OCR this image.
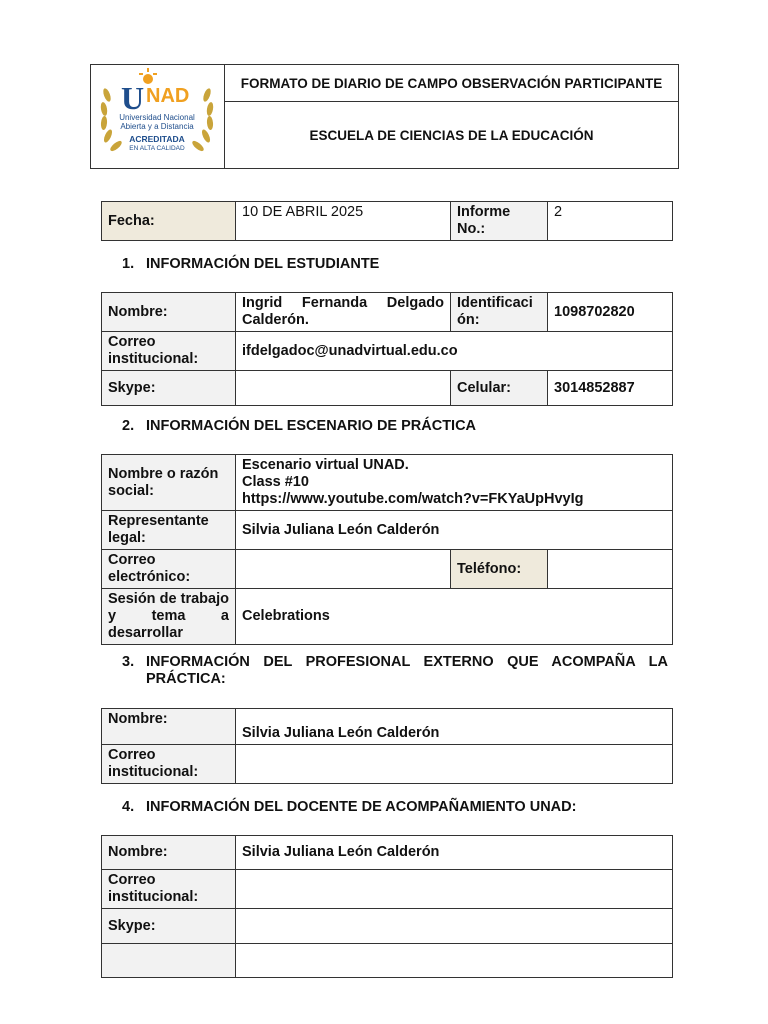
U NAD
Universidad Nacional
Abierta y a Distancia
ACREDITADA
EN ALTA CALIDAD
	FORMATO DE DIARIO DE CAMPO OBSERVACIÓN PARTICIPANTE
ESCUELA DE CIENCIAS DE LA EDUCACIÓN
Fecha:	10 DE ABRIL 2025	Informe No.:	2
1. INFORMACIÓN DEL ESTUDIANTE
Nombre:	Ingrid Fernanda Delgado Calderón.	Identificación:	1098702820
Correo institucional:	ifdelgadoc@unadvirtual.edu.co		
Skype:		Celular:	3014852887
2. INFORMACIÓN DEL ESCENARIO DE PRÁCTICA
Nombre o razón social:	Escenario virtual UNAD.
Class #10
https://www.youtube.com/watch?v=FKYaUpHvyIg		

Representante legal:	Silvia Juliana León Calderón		
Correo electrónico:		Teléfono:	
Sesión de trabajo y tema a desarrollar	Celebrations		
3. INFORMACIÓN DEL PROFESIONAL EXTERNO QUE ACOMPAÑA LA
PRÁCTICA:
Nombre:	Silvia Juliana León Calderón
Correo institucional:	
4. INFORMACIÓN DEL DOCENTE DE ACOMPAÑAMIENTO UNAD:
Nombre:	Silvia Juliana León Calderón
Correo institucional:	
Skype:	
